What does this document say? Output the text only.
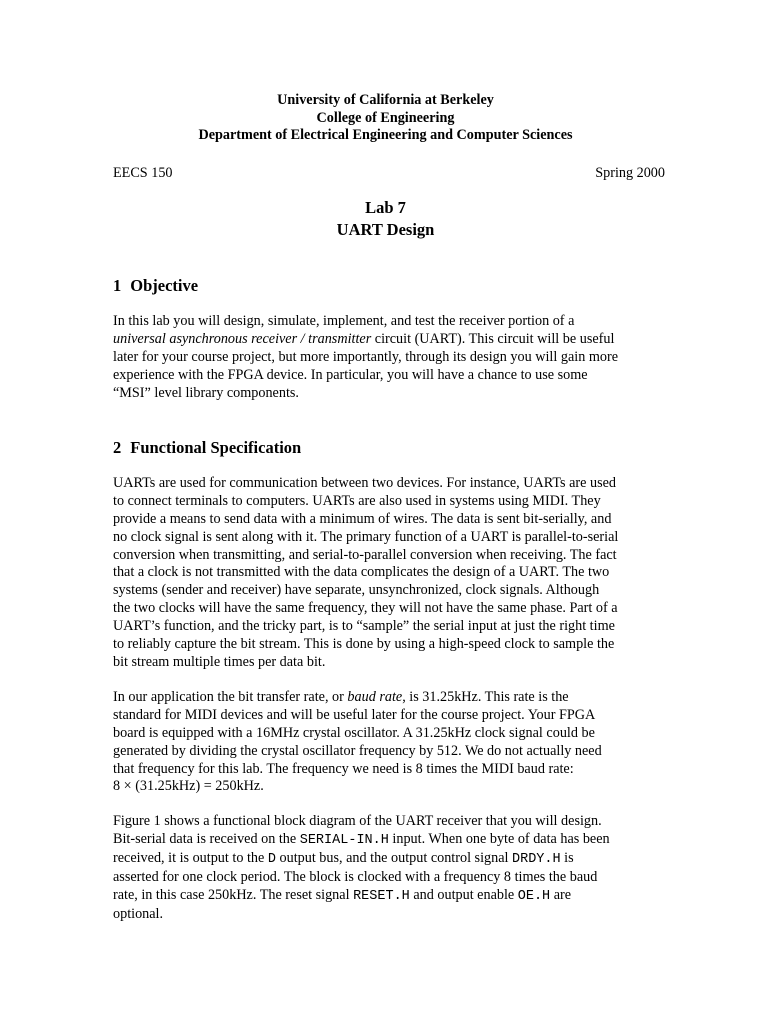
University of California at Berkeley
College of Engineering
Department of Electrical Engineering and Computer Sciences
EECS 150	Spring 2000
Lab 7
UART Design
1 Objective

In this lab you will design, simulate, implement, and test the receiver portion of a
universal asynchronous receiver / transmitter circuit (UART). This circuit will be useful
later for your course project, but more importantly, through its design you will gain more
experience with the FPGA device. In particular, you will have a chance to use some
“MSI” level library components.

2 Functional Specification

UARTs are used for communication between two devices. For instance, UARTs are used
to connect terminals to computers. UARTs are also used in systems using MIDI. They
provide a means to send data with a minimum of wires. The data is sent bit-serially, and
no clock signal is sent along with it. The primary function of a UART is parallel-to-serial
conversion when transmitting, and serial-to-parallel conversion when receiving. The fact
that a clock is not transmitted with the data complicates the design of a UART. The two
systems (sender and receiver) have separate, unsynchronized, clock signals. Although
the two clocks will have the same frequency, they will not have the same phase. Part of a
UART’s function, and the tricky part, is to “sample” the serial input at just the right time
to reliably capture the bit stream. This is done by using a high-speed clock to sample the
bit stream multiple times per data bit.

In our application the bit transfer rate, or baud rate, is 31.25kHz. This rate is the
standard for MIDI devices and will be useful later for the course project. Your FPGA
board is equipped with a 16MHz crystal oscillator. A 31.25kHz clock signal could be
generated by dividing the crystal oscillator frequency by 512. We do not actually need
that frequency for this lab. The frequency we need is 8 times the MIDI baud rate:
8 × (31.25kHz) = 250kHz.

Figure 1 shows a functional block diagram of the UART receiver that you will design.
Bit-serial data is received on the SERIAL-IN.H input. When one byte of data has been
received, it is output to the D output bus, and the output control signal DRDY.H is
asserted for one clock period. The block is clocked with a frequency 8 times the baud
rate, in this case 250kHz. The reset signal RESET.H and output enable OE.H are
optional.
